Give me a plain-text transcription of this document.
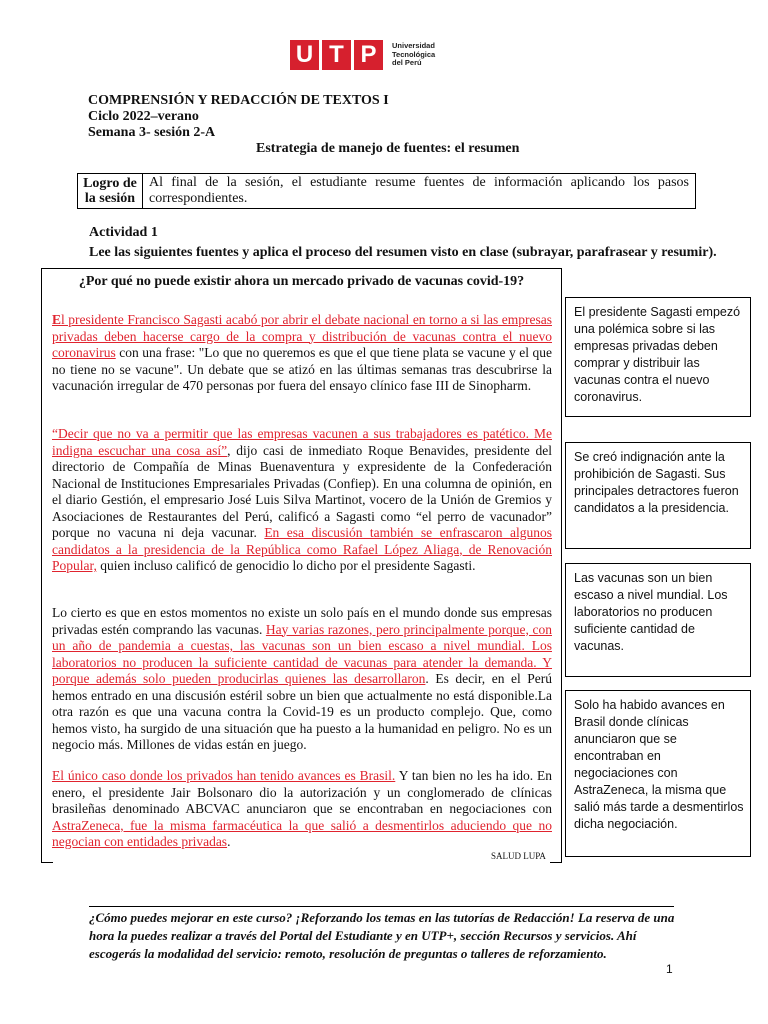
U T P	Universidad
Tecnológica
del Perú
COMPRENSIÓN Y REDACCIÓN DE TEXTOS I
Ciclo 2022–verano
Semana 3- sesión 2-A
Estrategia de manejo de fuentes: el resumen
Logro de
la sesión
Al final de la sesión, el estudiante resume fuentes de información aplicando los pasos correspondientes.
Actividad 1
Lee las siguientes fuentes y aplica el proceso del resumen visto en clase (subrayar, parafrasear y resumir).
¿Por qué no puede existir ahora un mercado privado de vacunas covid-19?
El presidente Francisco Sagasti acabó por abrir el debate nacional en torno a si las empresas privadas deben hacerse cargo de la compra y distribución de vacunas contra el nuevo coronavirus con una frase: "Lo que no queremos es que el que tiene plata se vacune y el que no tiene no se vacune". Un debate que se atizó en las últimas semanas tras descubrirse la vacunación irregular de 470 personas por fuera del ensayo clínico fase III de Sinopharm.
“Decir que no va a permitir que las empresas vacunen a sus trabajadores es patético. Me indigna escuchar una cosa así”, dijo casi de inmediato Roque Benavides, presidente del directorio de Compañía de Minas Buenaventura y expresidente de la Confederación Nacional de Instituciones Empresariales Privadas (Confiep). En una columna de opinión, en el diario Gestión, el empresario José Luis Silva Martinot, vocero de la Unión de Gremios y Asociaciones de Restaurantes del Perú, calificó a Sagasti como “el perro de vacunador” porque no vacuna ni deja vacunar. En esa discusión también se enfrascaron algunos candidatos a la presidencia de la República como Rafael López Aliaga, de Renovación Popular, quien incluso calificó de genocidio lo dicho por el presidente Sagasti.
Lo cierto es que en estos momentos no existe un solo país en el mundo donde sus empresas privadas estén comprando las vacunas. Hay varias razones, pero principalmente porque, con un año de pandemia a cuestas, las vacunas son un bien escaso a nivel mundial. Los laboratorios no producen la suficiente cantidad de vacunas para atender la demanda. Y porque además solo pueden producirlas quienes las desarrollaron. Es decir, en el Perú hemos entrado en una discusión estéril sobre un bien que actualmente no está disponible.La otra razón es que una vacuna contra la Covid-19 es un producto complejo. Que, como hemos visto, ha surgido de una situación que ha puesto a la humanidad en peligro. No es un negocio más. Millones de vidas están en juego.
El único caso donde los privados han tenido avances es Brasil. Y tan bien no les ha ido. En enero, el presidente Jair Bolsonaro dio la autorización y un conglomerado de clínicas brasileñas denominado ABCVAC anunciaron que se encontraban en negociaciones con AstraZeneca, fue la misma farmacéutica la que salió a desmentirlos aduciendo que no negocian con entidades privadas.
SALUD LUPA
El presidente Sagasti empezó una polémica sobre si las empresas privadas deben comprar y distribuir las vacunas contra el nuevo coronavirus.
Se creó indignación ante la prohibición de Sagasti. Sus principales detractores fueron candidatos a la presidencia.
Las vacunas son un bien escaso a nivel mundial. Los laboratorios no producen suficiente cantidad de vacunas.
Solo ha habido avances en Brasil donde clínicas anunciaron que se encontraban en negociaciones con AstraZeneca, la misma que salió más tarde a desmentirlos dicha negociación.
¿Cómo puedes mejorar en este curso? ¡Reforzando los temas en las tutorías de Redacción! La reserva de una hora la puedes realizar a través del Portal del Estudiante y en UTP+, sección Recursos y servicios. Ahí escogerás la modalidad del servicio: remoto, resolución de preguntas o talleres de reforzamiento.
1
